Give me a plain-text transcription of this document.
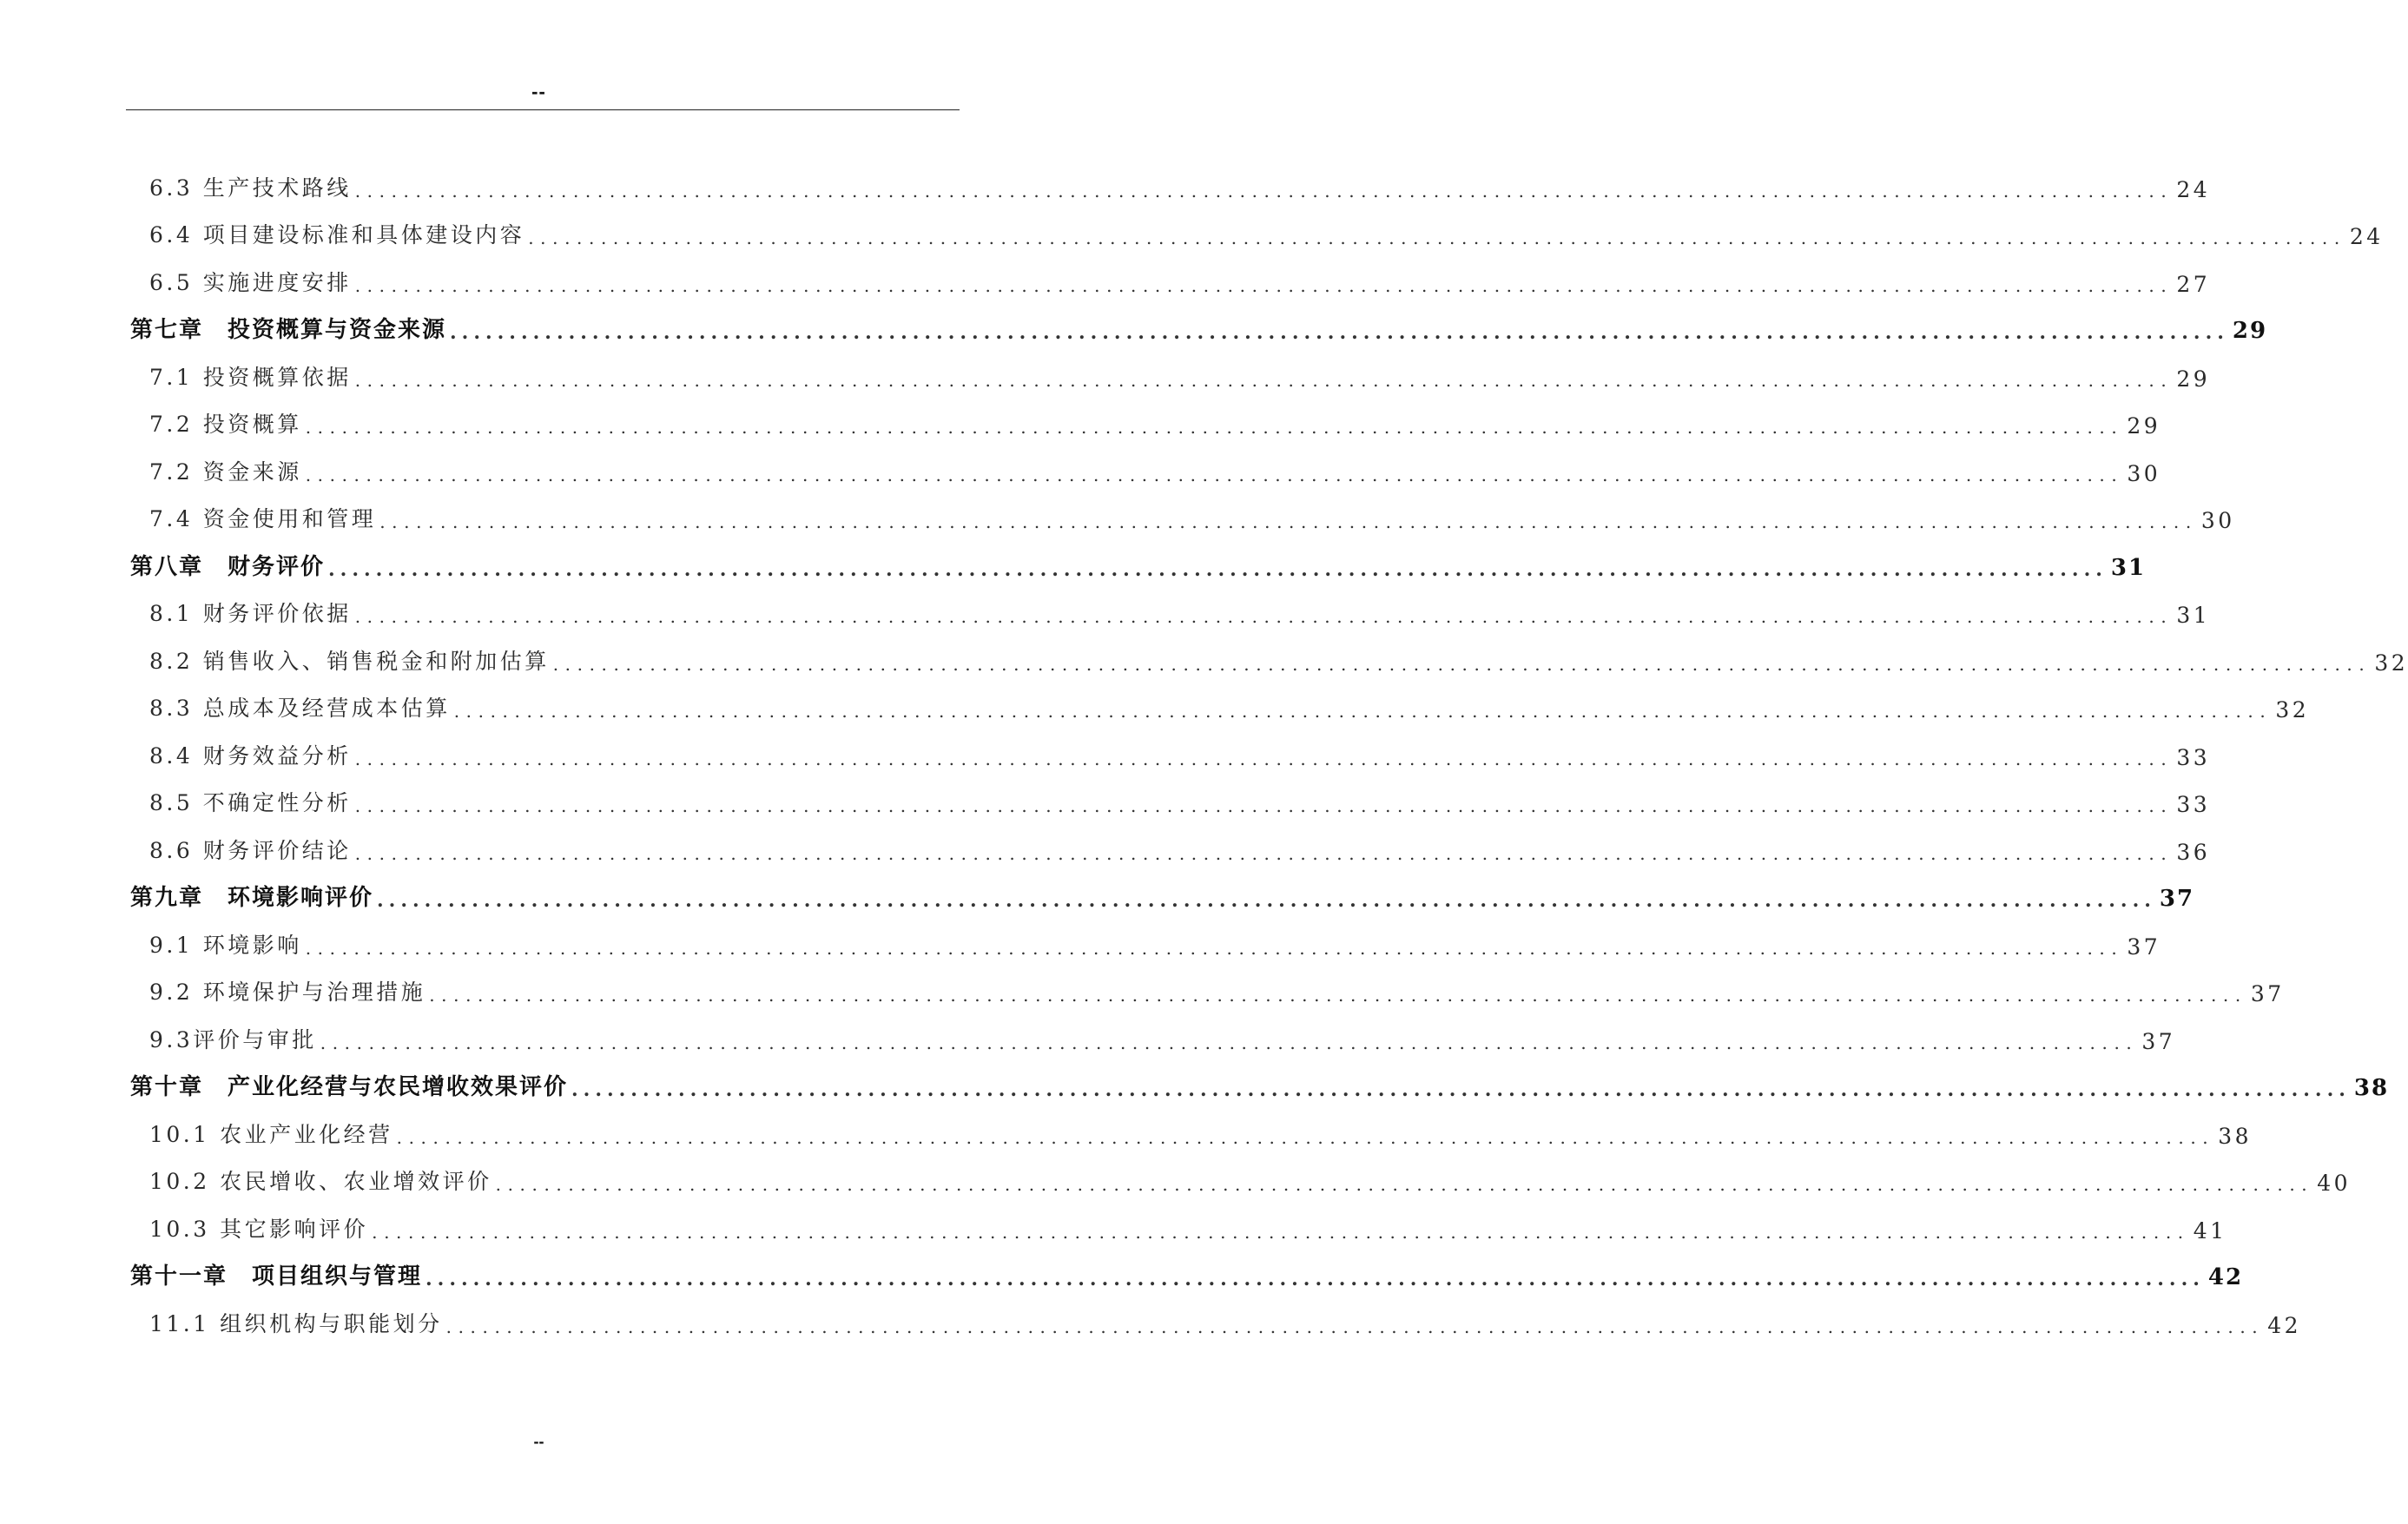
--
6.3 生产技术路线 ...................................................................................................................................................... 24
6.4 项目建设标准和具体建设内容 ...................................................................................................................................................... 24
6.5 实施进度安排 ...................................................................................................................................................... 27
第七章　投资概算与资金来源 ...................................................................................................................................................... 29
7.1 投资概算依据 ...................................................................................................................................................... 29
7.2 投资概算 ...................................................................................................................................................... 29
7.2 资金来源 ...................................................................................................................................................... 30
7.4 资金使用和管理 ...................................................................................................................................................... 30
第八章　财务评价 ...................................................................................................................................................... 31
8.1 财务评价依据 ...................................................................................................................................................... 31
8.2 销售收入、销售税金和附加估算 ...................................................................................................................................................... 32
8.3 总成本及经营成本估算 ...................................................................................................................................................... 32
8.4 财务效益分析 ...................................................................................................................................................... 33
8.5 不确定性分析 ...................................................................................................................................................... 33
8.6 财务评价结论 ...................................................................................................................................................... 36
第九章　环境影响评价 ...................................................................................................................................................... 37
9.1 环境影响 ...................................................................................................................................................... 37
9.2 环境保护与治理措施 ...................................................................................................................................................... 37
9.3评价与审批 ...................................................................................................................................................... 37
第十章　产业化经营与农民增收效果评价 ...................................................................................................................................................... 38
10.1 农业产业化经营 ...................................................................................................................................................... 38
10.2 农民增收、农业增效评价 ...................................................................................................................................................... 40
10.3 其它影响评价 ...................................................................................................................................................... 41
第十一章　项目组织与管理 ...................................................................................................................................................... 42
11.1 组织机构与职能划分 ...................................................................................................................................................... 42
--
